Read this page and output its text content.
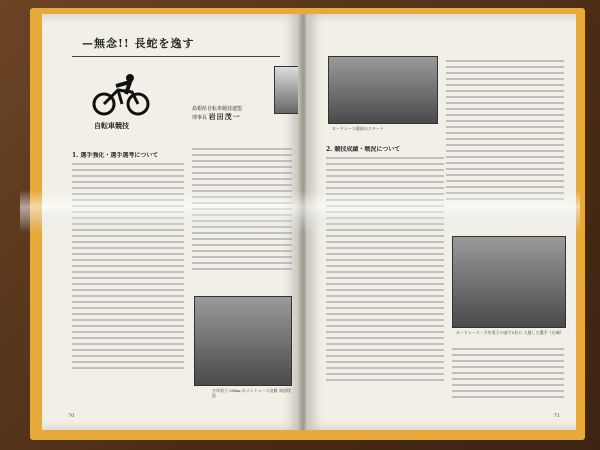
—無念!! 長蛇を逸す
自転車競技
島根県自転車競技連盟
理事長 岩田茂一
1. 選手強化・選手選考について
少年男子 50km ポイントレース決勝 周回状況
70
ロードレース競技のスタート
2. 競技成績・戦況について
ロードレース・少年男子の部で5位に 入賞した選手（右端）
71
